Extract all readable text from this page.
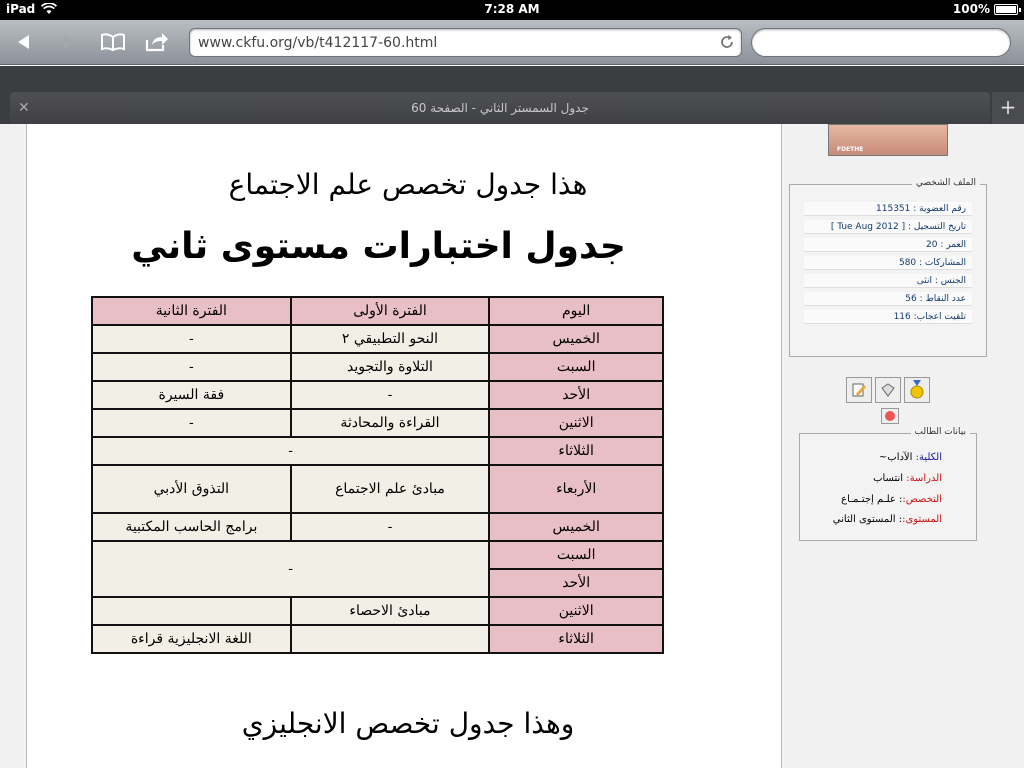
iPad	7:28 AM	100%
www.ckfu.org/vb/t412117-60.html
✕	جدول السمستر الثاني - الصفحة 60	+
هذا جدول تخصص علم الاجتماع
جدول اختبارات مستوى ثاني
اليوم	الفترة الأولى	الفترة الثانية
الخميس	النحو التطبيقي ٢	-
السبت	التلاوة والتجويد	-
الأحد	-	فقة السيرة
الاثنين	القراءة والمحادثة	-
الثلاثاء	-	
الأربعاء	مبادئ علم الاجتماع	التذوق الأدبي
الخميس	-	برامج الحاسب المكتبية
السبت	-	
الأحد		
الاثنين	مبادئ الاحصاء	
الثلاثاء		اللغة الانجليزية قراءة
وهذا جدول تخصص الانجليزي
FDETHE
الملف الشخصي
رقم العضوية : 115351
تاريخ التسجيل : [ Tue Aug 2012 ]
العمر : 20
المشاركات : 580
الجنس : انثى
عدد النقاط : 56
تلقيت اعجاب: 116
بيانات الطالب
الكلية: الآداب~
الدراسة: انتساب
التخصص:: علـم إجتـمـاع
المستوى:: المستوى الثاني
